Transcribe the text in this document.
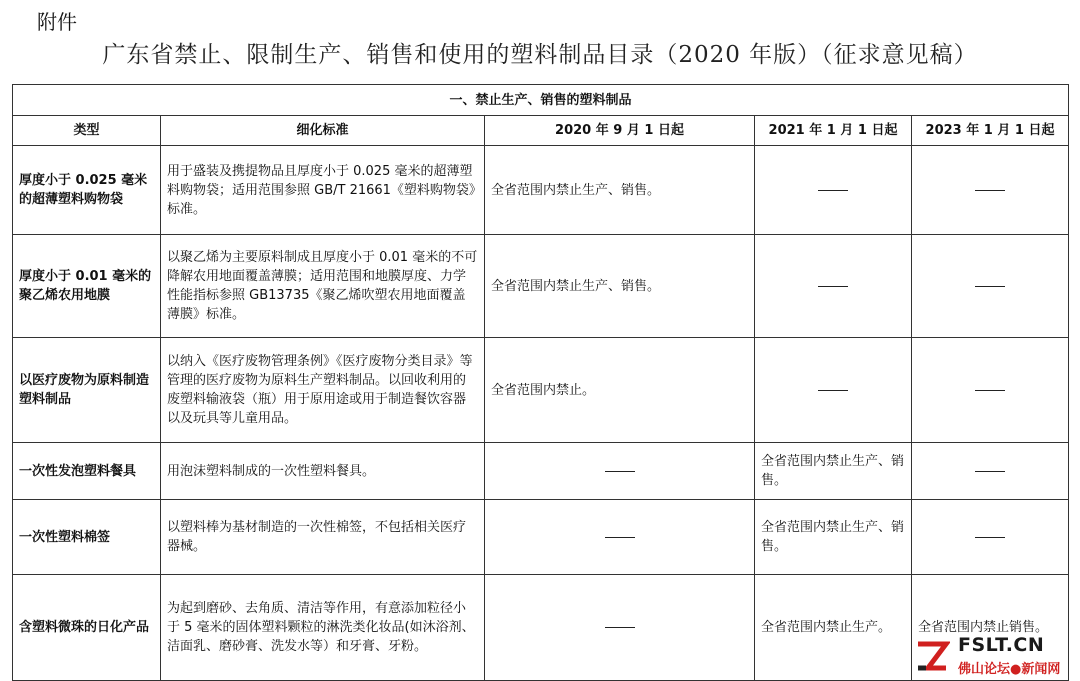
附件
广东省禁止、限制生产、销售和使用的塑料制品目录（2020 年版）（征求意见稿）
一、禁止生产、销售的塑料制品				
类型	细化标准	2020 年 9 月 1 日起	2021 年 1 月 1 日起	2023 年 1 月 1 日起
厚度小于 0.025 毫米的超薄塑料购物袋	用于盛装及携提物品且厚度小于 0.025 毫米的超薄塑料购物袋；适用范围参照 GB/T 21661《塑料购物袋》标准。	全省范围内禁止生产、销售。		
厚度小于 0.01 毫米的聚乙烯农用地膜	以聚乙烯为主要原料制成且厚度小于 0.01 毫米的不可降解农用地面覆盖薄膜；适用范围和地膜厚度、力学性能指标参照 GB13735《聚乙烯吹塑农用地面覆盖薄膜》标准。	全省范围内禁止生产、销售。		
以医疗废物为原料制造塑料制品	以纳入《医疗废物管理条例》《医疗废物分类目录》等管理的医疗废物为原料生产塑料制品。以回收利用的废塑料输液袋（瓶）用于原用途或用于制造餐饮容器以及玩具等儿童用品。	全省范围内禁止。		
一次性发泡塑料餐具	用泡沫塑料制成的一次性塑料餐具。		全省范围内禁止生产、销售。	
一次性塑料棉签	以塑料棒为基材制造的一次性棉签，不包括相关医疗器械。		全省范围内禁止生产、销售。	
含塑料微珠的日化产品	为起到磨砂、去角质、清洁等作用，有意添加粒径小于 5 毫米的固体塑料颗粒的淋洗类化妆品(如沐浴剂、洁面乳、磨砂膏、洗发水等）和牙膏、牙粉。		全省范围内禁止生产。	全省范围内禁止销售。
FSLT.CN
佛山论坛●新闻网
